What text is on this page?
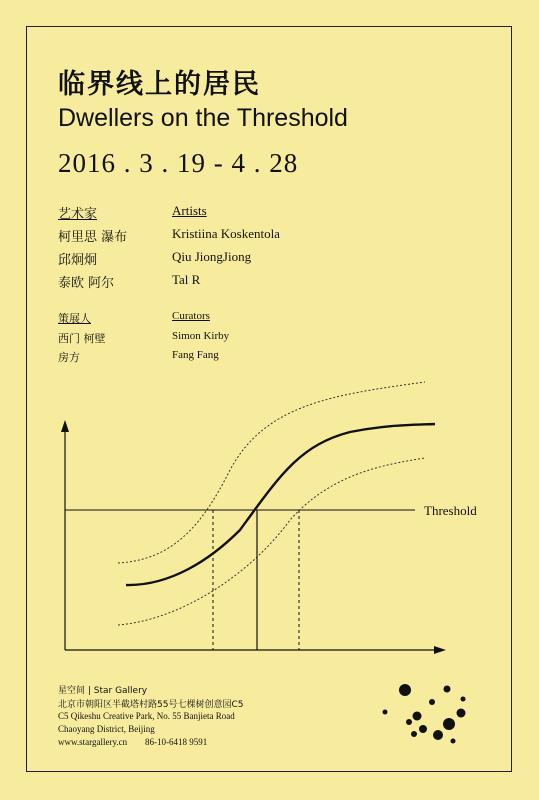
临界线上的居民
Dwellers on the Threshold
2016 . 3 . 19 - 4 . 28
艺术家	Artists
柯里思 瀑布
邱炯炯
泰欧 阿尔
Kristiina Koskentola
Qiu JiongJiong
Tal R
策展人	Curators
西门 柯壁
房方
Simon Kirby
Fang Fang
Threshold
星空间 | Star Gallery
北京市朝阳区半截塔村路55号七棵树创意园C5
C5 Qikeshu Creative Park, No. 55 Banjieta Road
Chaoyang District, Beijing
www.stargallery.cn 86-10-6418 9591
